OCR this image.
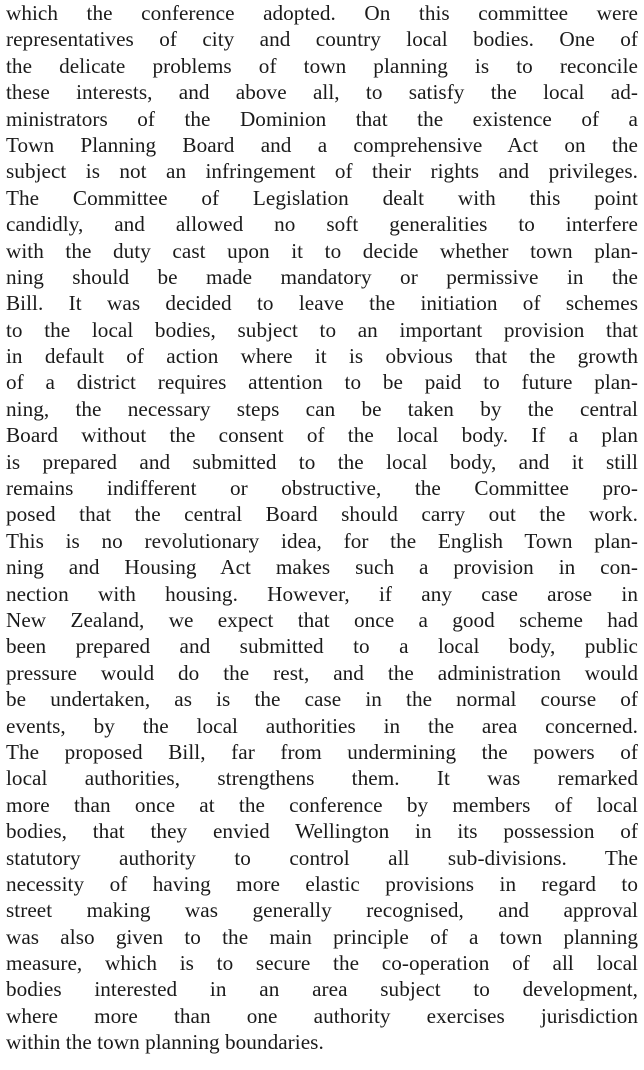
which the conference adopted. On this committee were
representatives of city and country local bodies. One of
the delicate problems of town planning is to reconcile
these interests, and above all, to satisfy the local ad-
ministrators of the Dominion that the existence of a
Town Planning Board and a comprehensive Act on the
subject is not an infringement of their rights and privileges.
The Committee of Legislation dealt with this point
candidly, and allowed no soft generalities to interfere
with the duty cast upon it to decide whether town plan-
ning should be made mandatory or permissive in the
Bill. It was decided to leave the initiation of schemes
to the local bodies, subject to an important provision that
in default of action where it is obvious that the growth
of a district requires attention to be paid to future plan-
ning, the necessary steps can be taken by the central
Board without the consent of the local body. If a plan
is prepared and submitted to the local body, and it still
remains indifferent or obstructive, the Committee pro-
posed that the central Board should carry out the work.
This is no revolutionary idea, for the English Town plan-
ning and Housing Act makes such a provision in con-
nection with housing. However, if any case arose in
New Zealand, we expect that once a good scheme had
been prepared and submitted to a local body, public
pressure would do the rest, and the administration would
be undertaken, as is the case in the normal course of
events, by the local authorities in the area concerned.
The proposed Bill, far from undermining the powers of
local authorities, strengthens them. It was remarked
more than once at the conference by members of local
bodies, that they envied Wellington in its possession of
statutory authority to control all sub-divisions. The
necessity of having more elastic provisions in regard to
street making was generally recognised, and approval
was also given to the main principle of a town planning
measure, which is to secure the co-operation of all local
bodies interested in an area subject to development,
where more than one authority exercises jurisdiction
within the town planning boundaries.
